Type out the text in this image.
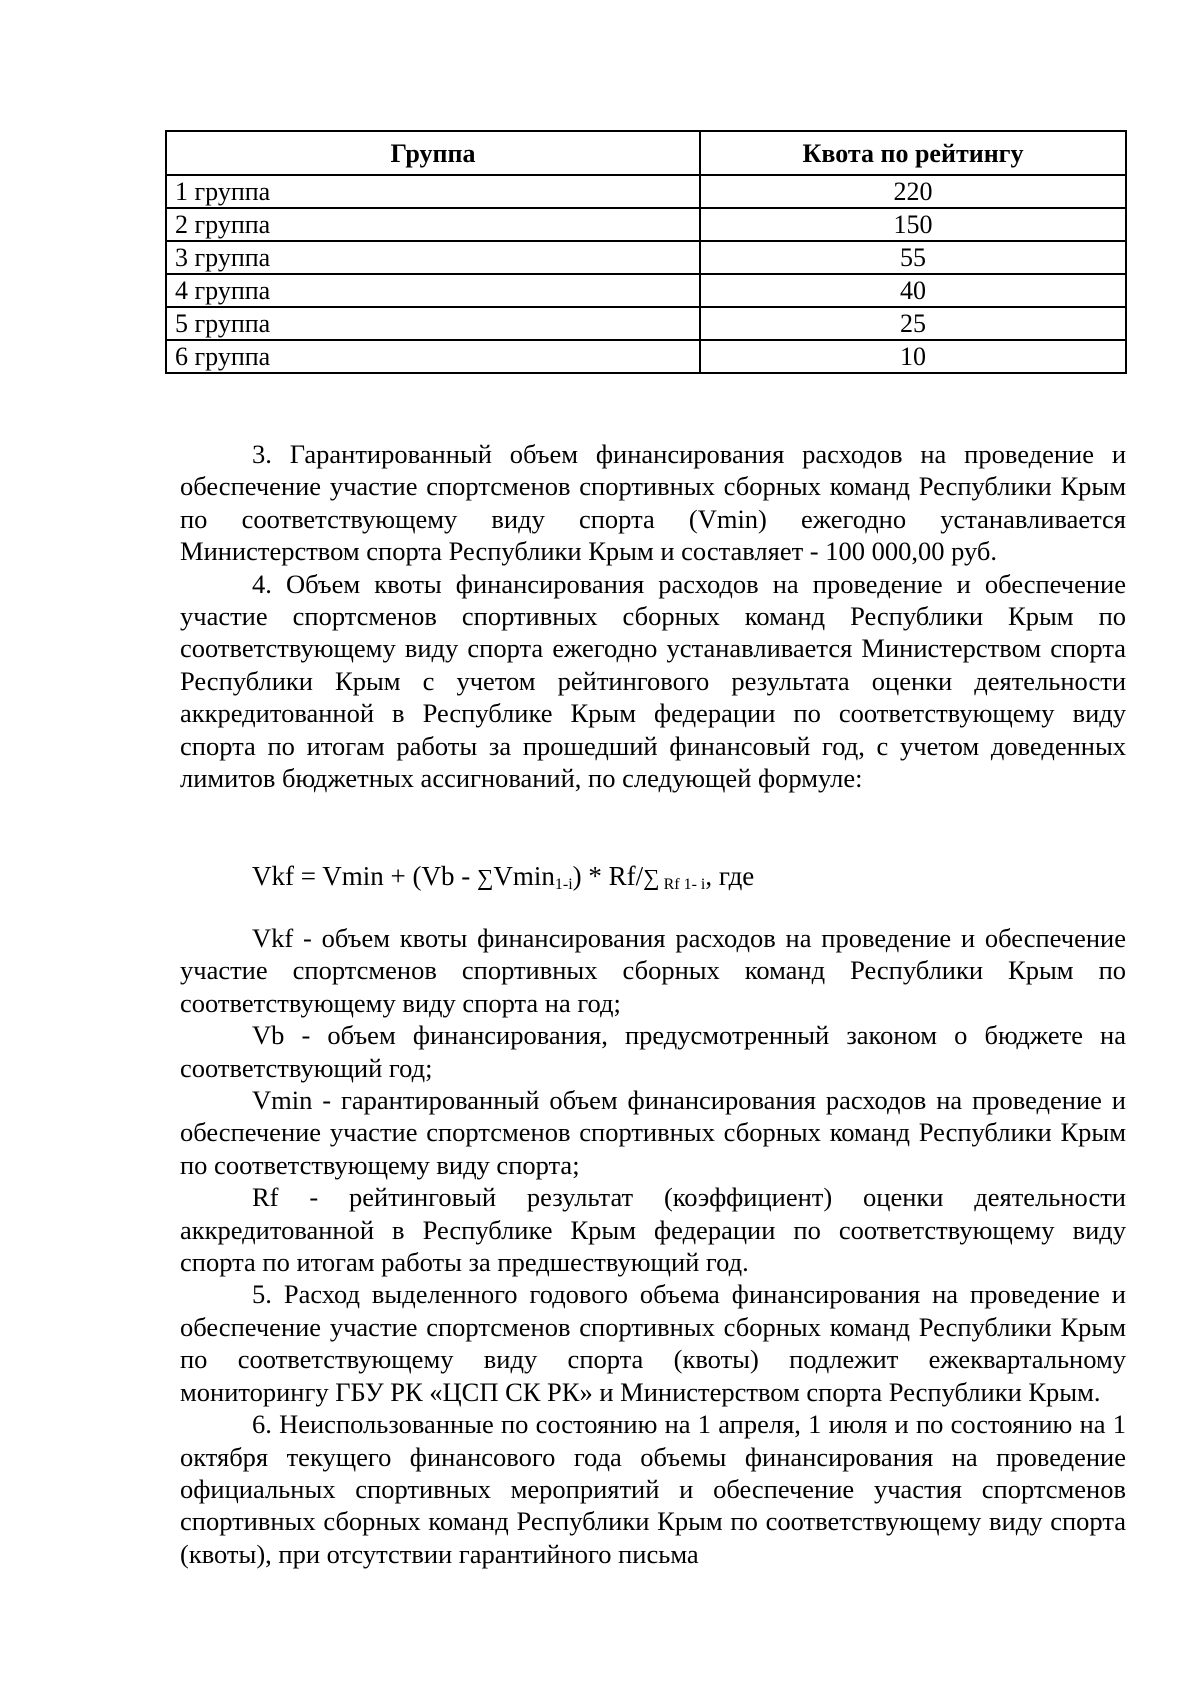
Группа	Квота по рейтингу
1 группа	220
2 группа	150
3 группа	55
4 группа	40
5 группа	25
6 группа	10

3. Гарантированный объем финансирования расходов на проведение и обеспечение участие спортсменов спортивных сборных команд Республики Крым по соответствующему виду спорта (Vmin) ежегодно устанавливается Министерством спорта Республики Крым и составляет - 100 000,00 руб.

4. Объем квоты финансирования расходов на проведение и обеспечение участие спортсменов спортивных сборных команд Республики Крым по соответствующему виду спорта ежегодно устанавливается Министерством спорта Республики Крым с учетом рейтингового результата оценки деятельности аккредитованной в Республике Крым федерации по соответствующему виду спорта по итогам работы за прошедший финансовый год, с учетом доведенных лимитов бюджетных ассигнований, по следующей формуле:

Vkf = Vmin + (Vb - ∑Vmin$_{1-i}$) * Rf/∑ $_{Rf 1- i}$, где

Vkf - объем квоты финансирования расходов на проведение и обеспечение участие спортсменов спортивных сборных команд Республики Крым по соответствующему виду спорта на год;

Vb - объем финансирования, предусмотренный законом о бюджете на соответствующий год;

Vmin - гарантированный объем финансирования расходов на проведение и обеспечение участие спортсменов спортивных сборных команд Республики Крым по соответствующему виду спорта;

Rf - рейтинговый результат (коэффициент) оценки деятельности аккредитованной в Республике Крым федерации по соответствующему виду спорта по итогам работы за предшествующий год.

5. Расход выделенного годового объема финансирования на проведение и обеспечение участие спортсменов спортивных сборных команд Республики Крым по соответствующему виду спорта (квоты) подлежит ежеквартальному мониторингу ГБУ РК «ЦСП СК РК» и Министерством спорта Республики Крым.

6. Неиспользованные по состоянию на 1 апреля, 1 июля и по состоянию на 1 октября текущего финансового года объемы финансирования на проведение официальных спортивных мероприятий и обеспечение участия спортсменов спортивных сборных команд Республики Крым по соответствующему виду спорта (квоты), при отсутствии гарантийного письма
